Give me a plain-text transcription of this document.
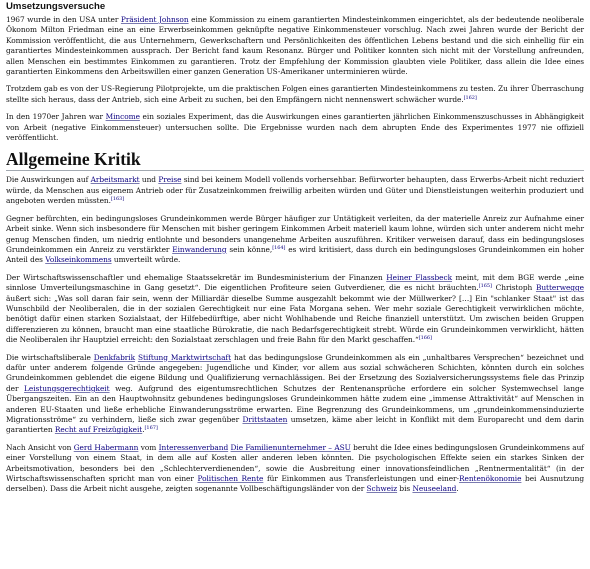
Umsetzungsversuche

1967 wurde in den USA unter Präsident Johnson eine Kommission zu einem garantierten Mindesteinkommen eingerichtet, als der bedeutende neoliberale Ökonom Milton Friedman eine an eine Erwerbseinkommen geknüpfte negative Einkommensteuer vorschlug. Nach zwei Jahren wurde der Bericht der Kommission veröffentlicht, die aus Unternehmern, Gewerkschaftern und Persönlichkeiten des öffentlichen Lebens bestand und die sich einhellig für ein garantiertes Mindesteinkommen aussprach. Der Bericht fand kaum Resonanz. Bürger und Politiker konnten sich nicht mit der Vorstellung anfreunden, allen Menschen ein bestimmtes Einkommen zu garantieren. Trotz der Empfehlung der Kommission glaubten viele Politiker, dass allein die Idee eines garantierten Einkommens den Arbeitswillen einer ganzen Generation US-Amerikaner unterminieren würde.

Trotzdem gab es von der US-Regierung Pilotprojekte, um die praktischen Folgen eines garantierten Mindesteinkommens zu testen. Zu ihrer Überraschung stellte sich heraus, dass der Antrieb, sich eine Arbeit zu suchen, bei den Empfängern nicht nennenswert schwächer wurde.[162]

In den 1970er Jahren war Mincome ein soziales Experiment, das die Auswirkungen eines garantierten jährlichen Einkommenszuschusses in Abhängigkeit von Arbeit (negative Einkommensteuer) untersuchen sollte. Die Ergebnisse wurden nach dem abrupten Ende des Experimentes 1977 nie offiziell veröffentlicht.

Allgemeine Kritik

Die Auswirkungen auf Arbeitsmarkt und Preise sind bei keinem Modell vollends vorhersehbar. Befürworter behaupten, dass Erwerbs-Arbeit nicht reduziert würde, da Menschen aus eigenem Antrieb oder für Zusatzeinkommen freiwillig arbeiten würden und Güter und Dienstleistungen weiterhin produziert und angeboten werden müssten.[163]

Gegner befürchten, ein bedingungsloses Grundeinkommen werde Bürger häufiger zur Untätigkeit verleiten, da der materielle Anreiz zur Aufnahme einer Arbeit sinke. Wenn sich insbesondere für Menschen mit bisher geringem Einkommen Arbeit materiell kaum lohne, würden sich unter anderem nicht mehr genug Menschen finden, um niedrig entlohnte und besonders unangenehme Arbeiten auszuführen. Kritiker verweisen darauf, dass ein bedingungsloses Grundeinkommen ein Anreiz zu verstärkter Einwanderung sein könne,[164] es wird kritisiert, dass durch ein bedingungsloses Grundeinkommen ein hoher Anteil des Volkseinkommens umverteilt würde.

Der Wirtschaftswissenschaftler und ehemalige Staatssekretär im Bundesministerium der Finanzen Heiner Flassbeck meint, mit dem BGE werde „eine sinnlose Umverteilungsmaschine in Gang gesetzt“. Die eigentlichen Profiteure seien Gutverdiener, die es nicht bräuchten.[165] Christoph Butterwegge äußert sich: „Was soll daran fair sein, wenn der Milliardär dieselbe Summe ausgezahlt bekommt wie der Müllwerker? […] Ein "schlanker Staat" ist das Wunschbild der Neoliberalen, die in der sozialen Gerechtigkeit nur eine Fata Morgana sehen. Wer mehr soziale Gerechtigkeit verwirklichen möchte, benötigt dafür einen starken Sozialstaat, der Hilfebedürftige, aber nicht Wohlhabende und Reiche finanziell unterstützt. Um zwischen beiden Gruppen differenzieren zu können, braucht man eine staatliche Bürokratie, die nach Bedarfsgerechtigkeit strebt. Würde ein Grundeinkommen verwirklicht, hätten die Neoliberalen ihr Hauptziel erreicht: den Sozialstaat zerschlagen und freie Bahn für den Markt geschaffen.“[166]

Die wirtschaftsliberale Denkfabrik Stiftung Marktwirtschaft hat das bedingungslose Grundeinkommen als ein „unhaltbares Versprechen“ bezeichnet und dafür unter anderem folgende Gründe angegeben: Jugendliche und Kinder, vor allem aus sozial schwächeren Schichten, könnten durch ein solches Grundeinkommen geblendet die eigene Bildung und Qualifizierung vernachlässigen. Bei der Ersetzung des Sozialversicherungssystems fiele das Prinzip der Leistungsgerechtigkeit weg. Aufgrund des eigentumsrechtlichen Schutzes der Rentenansprüche erfordere ein solcher Systemwechsel lange Übergangszeiten. Ein an den Hauptwohnsitz gebundenes bedingungsloses Grundeinkommen hätte zudem eine „immense Attraktivität“ auf Menschen in anderen EU-Staaten und ließe erhebliche Einwanderungsströme erwarten. Eine Begrenzung des Grundeinkommens, um „grundeinkommensinduzierte Migrationsströme“ zu verhindern, ließe sich zwar gegenüber Drittstaaten umsetzen, käme aber leicht in Konflikt mit dem Europarecht und dem darin garantierten Recht auf Freizügigkeit.[167]

Nach Ansicht von Gerd Habermann vom Interessenverband Die Familienunternehmer – ASU beruht die Idee eines bedingungslosen Grundeinkommens auf einer Vorstellung von einem Staat, in dem alle auf Kosten aller anderen leben könnten. Die psychologischen Effekte seien ein starkes Sinken der Arbeitsmotivation, besonders bei den „Schlechterverdienenden“, sowie die Ausbreitung einer innovationsfeindlichen „Rentnermentalität“ (in der Wirtschaftswissenschaften spricht man von einer Politischen Rente für Einkommen aus Transferleistungen und einer-Rentenökonomie bei Ausnutzung derselben). Dass die Arbeit nicht ausgehe, zeigten sogenannte Vollbeschäftigungsländer von der Schweiz bis Neuseeland.
